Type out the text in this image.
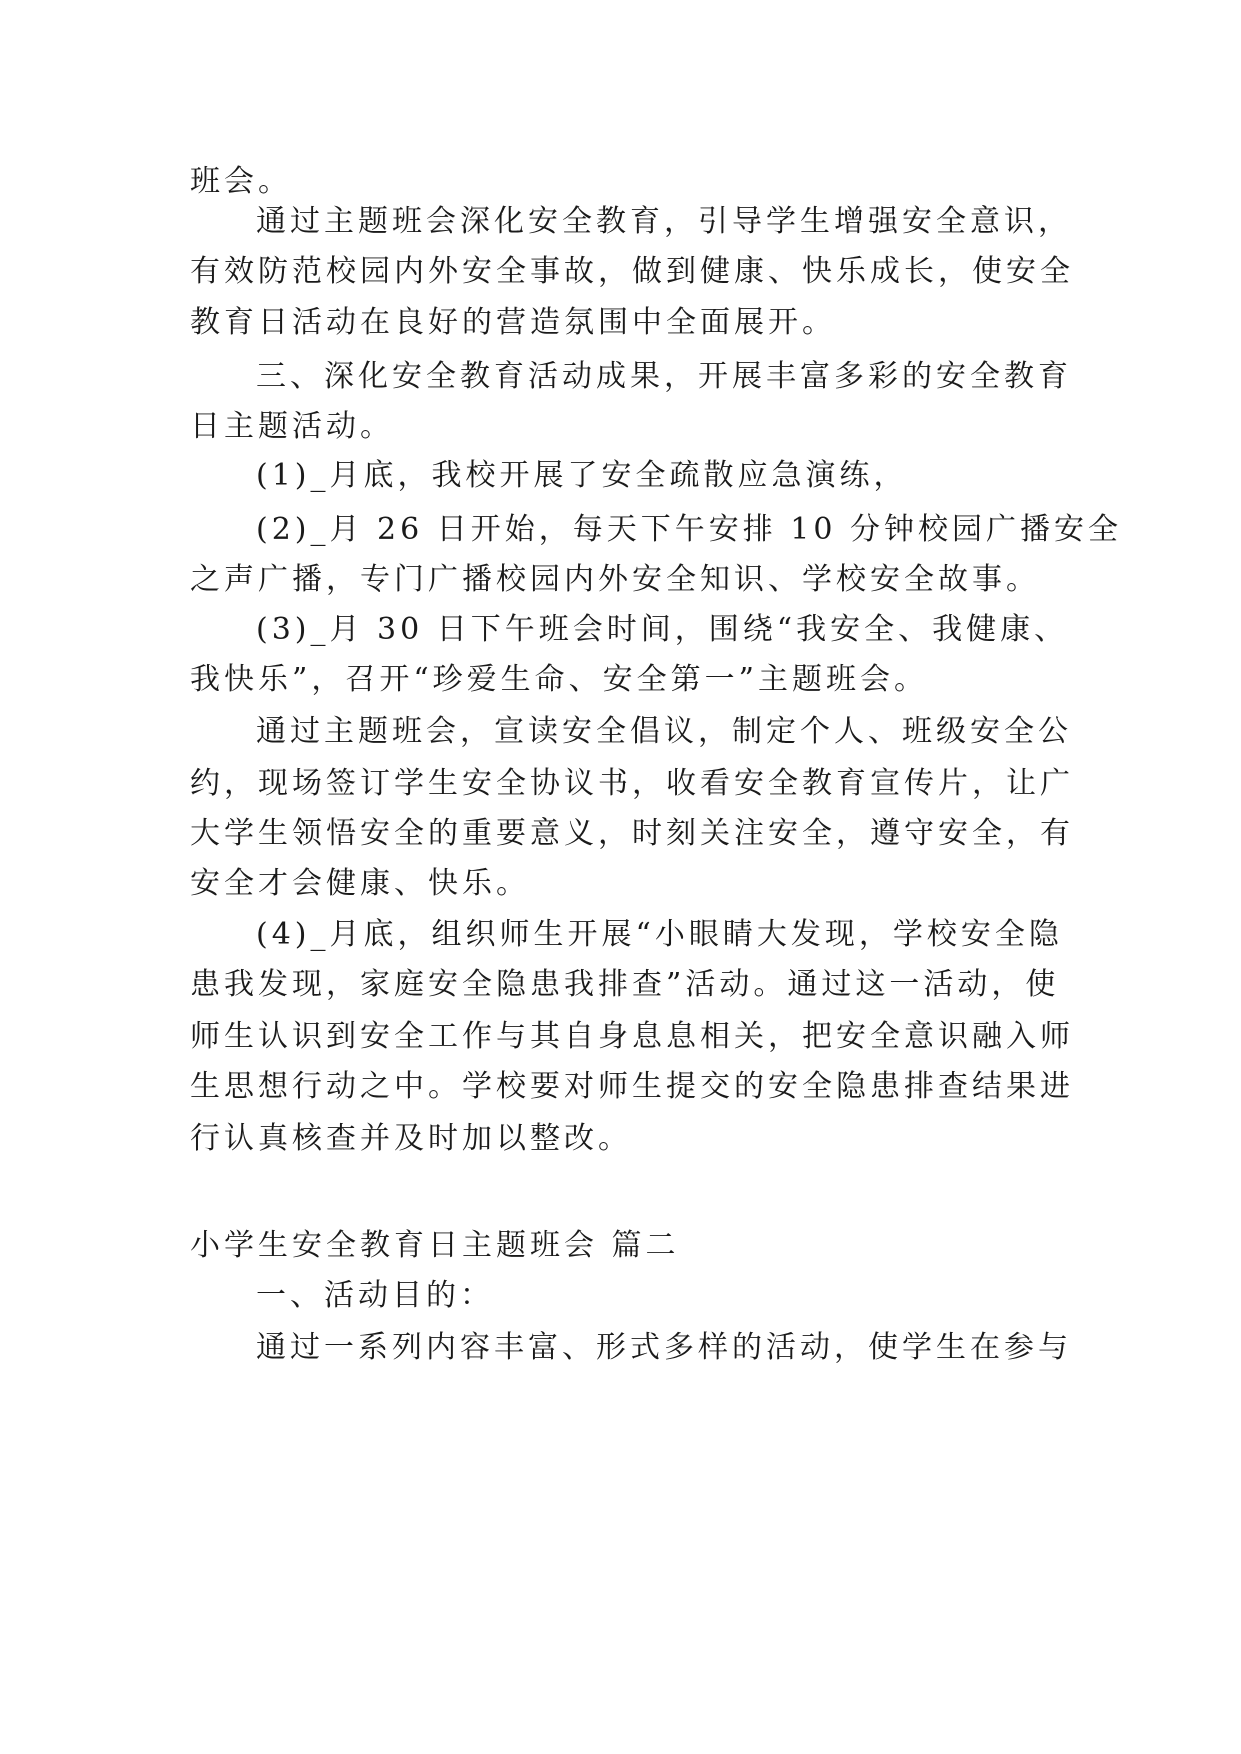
班会。
通过主题班会深化安全教育，引导学生增强安全意识，
有效防范校园内外安全事故，做到健康、快乐成长，使安全
教育日活动在良好的营造氛围中全面展开。
三、深化安全教育活动成果，开展丰富多彩的安全教育
日主题活动。
(1)_月底，我校开展了安全疏散应急演练，
(2)_月 26 日开始，每天下午安排 10 分钟校园广播安全
之声广播，专门广播校园内外安全知识、学校安全故事。
(3)_月 30 日下午班会时间，围绕“我安全、我健康、
我快乐”，召开“珍爱生命、安全第一”主题班会。
通过主题班会，宣读安全倡议，制定个人、班级安全公
约，现场签订学生安全协议书，收看安全教育宣传片，让广
大学生领悟安全的重要意义，时刻关注安全，遵守安全，有
安全才会健康、快乐。
(4)_月底，组织师生开展“小眼睛大发现，学校安全隐
患我发现，家庭安全隐患我排查”活动。通过这一活动，使
师生认识到安全工作与其自身息息相关，把安全意识融入师
生思想行动之中。学校要对师生提交的安全隐患排查结果进
行认真核查并及时加以整改。
小学生安全教育日主题班会 篇二
一、活动目的：
通过一系列内容丰富、形式多样的活动，使学生在参与
